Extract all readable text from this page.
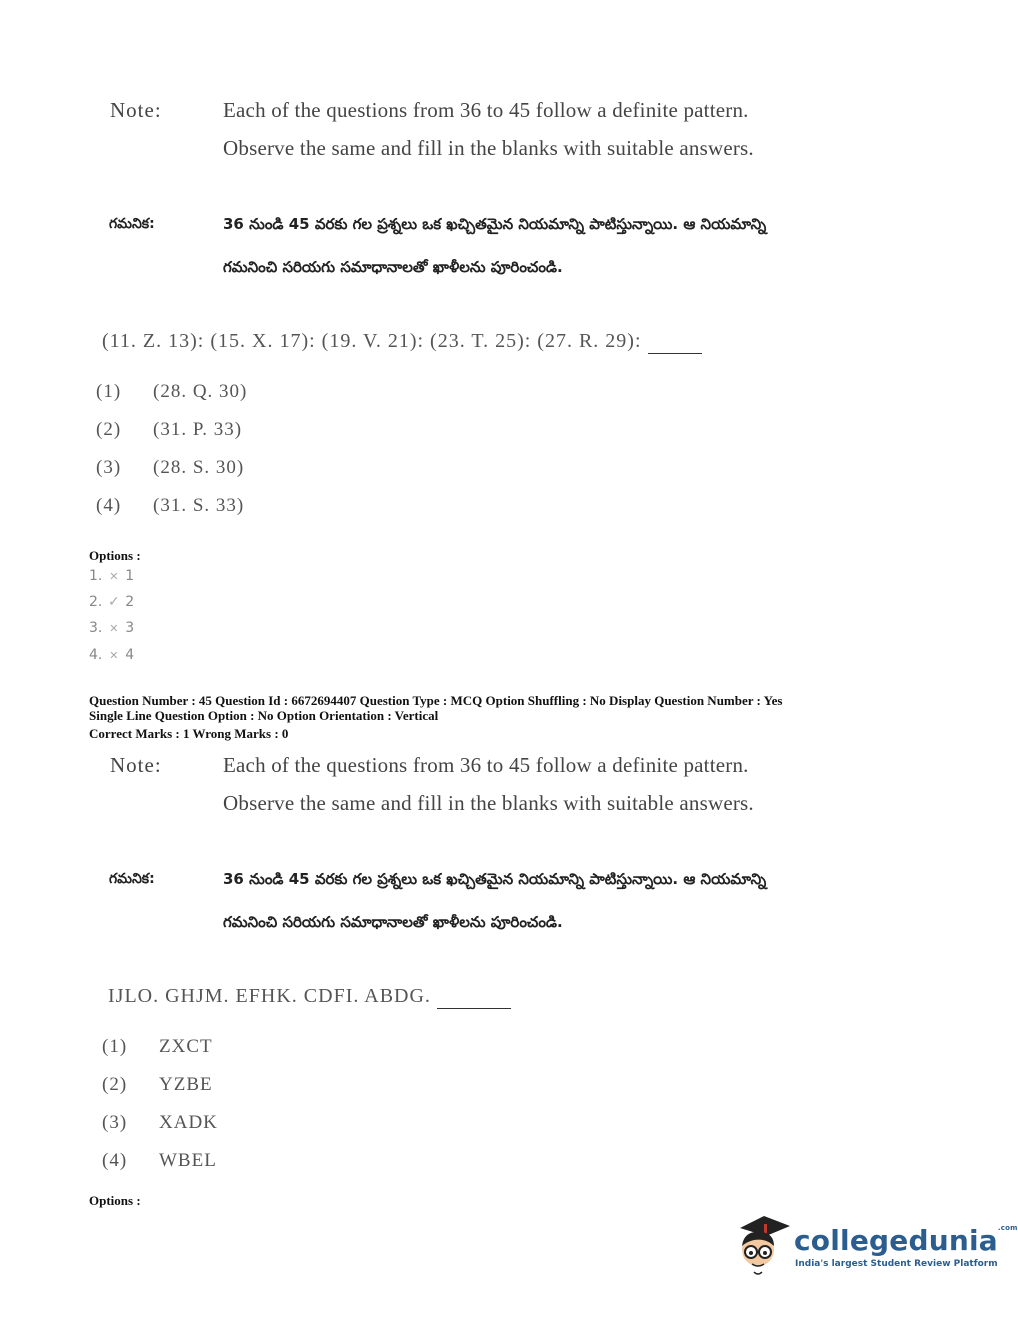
Note:	Each of the questions from 36 to 45 follow a definite pattern.
Observe the same and fill in the blanks with suitable answers.
గమనిక:	36 నుండి 45 వరకు గల ప్రశ్నలు ఒక ఖచ్చితమైన నియమాన్ని పాటిస్తున్నాయి. ఆ నియమాన్ని
గమనించి సరియగు సమాధానాలతో ఖాళీలను పూరించండి.
(11. Z. 13): (15. X. 17): (19. V. 21): (23. T. 25): (27. R. 29):
(1) (28. Q. 30)
(2) (31. P. 33)
(3) (28. S. 30)
(4) (31. S. 33)
Options :
1. ✕ 1
2. ✓ 2
3. ✕ 3
4. ✕ 4
Question Number : 45 Question Id : 6672694407 Question Type : MCQ Option Shuffling : No Display Question Number : Yes
Single Line Question Option : No Option Orientation : Vertical
Correct Marks : 1 Wrong Marks : 0
Note:	Each of the questions from 36 to 45 follow a definite pattern.
Observe the same and fill in the blanks with suitable answers.
గమనిక:	36 నుండి 45 వరకు గల ప్రశ్నలు ఒక ఖచ్చితమైన నియమాన్ని పాటిస్తున్నాయి. ఆ నియమాన్ని
గమనించి సరియగు సమాధానాలతో ఖాళీలను పూరించండి.
IJLO. GHJM. EFHK. CDFI. ABDG.
(1) ZXCT
(2) YZBE
(3) XADK
(4) WBEL
Options :
collegedunia$^{.com}$
India's largest Student Review Platform
